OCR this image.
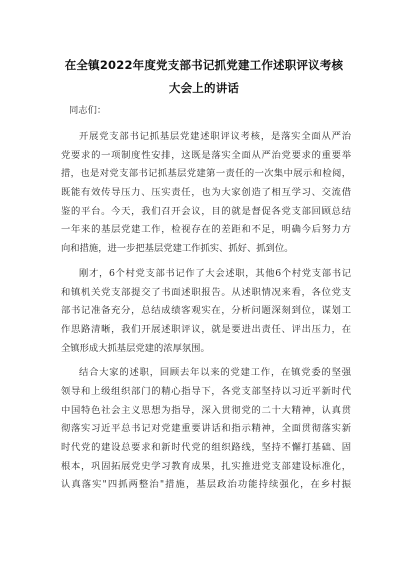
在全镇2022年度党支部书记抓党建工作述职评议考核
大会上的讲话
同志们：
开展党支部书记抓基层党建述职评议考核，是落实全面从严治
党要求的一项制度性安排，这既是落实全面从严治党要求的重要举
措，也是对党支部书记抓基层党建第一责任的一次集中展示和检阅，
既能有效传导压力、压实责任，也为大家创造了相互学习、交流借
鉴的平台。今天，我们召开会议，目的就是督促各党支部回顾总结
一年来的基层党建工作，检视存在的差距和不足，明确今后努力方
向和措施，进一步把基层党建工作抓实、抓好、抓到位。
刚才，6个村党支部书记作了大会述职，其他6个村党支部书记
和镇机关党支部提交了书面述职报告。从述职情况来看，各位党支
部书记准备充分，总结成绩客观实在，分析问题深刻到位，谋划工
作思路清晰，我们开展述职评议，就是要进出责任、评出压力，在
全镇形成大抓基层党建的浓厚氛围。
结合大家的述职，回顾去年以来的党建工作，在镇党委的坚强
领导和上级组织部门的精心指导下，各党支部坚持以习近平新时代
中国特色社会主义思想为指导，深入贯彻党的二十大精神，认真贯
彻落实习近平总书记对党建重要讲话和指示精神，全面贯彻落实新
时代党的建设总要求和新时代党的组织路线，坚持不懈打基础、固
根本，巩固拓展党史学习教育成果，扎实推进党支部建设标准化，
认真落实"四抓两整治"措施，基层政治功能持续强化，在乡村振
